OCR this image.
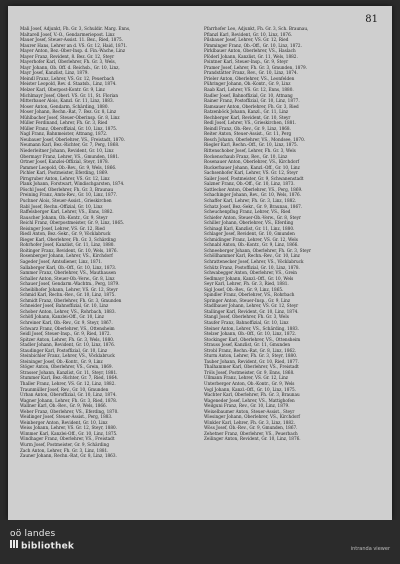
81

Mali Josef, Adjunkt, Fh. Gr. 3, Schuldir. Marg. Enns,

Maltarell Josef, V.-O., Gendarmeriepost. Linz

Mauer Josef, Steuer-Assist. 11. Bez., Ried, 1875.

Maurer Hans, Lehrer an d. VS. Gr. 12, Haid, 1871.

Mayer Anton, Bez.-Ober-Insp. d. Fin.-Wache, Linz

Mayer Franz, Revident, 8. Bez. Gr. 12, Steyr

Mayerhofer Karl, Oberlehrer, Fh. Gr. 3, Wels,

Mayr Johann, Ob. Off. d. Reichsb., Gr. 10, Linz,

Mayr Josef, Kanzlist, Linz, 1879.

Meindl Franz, Lehrer, VS. Gr. 12, Peuerbach

Meister Leopold, Rev. d. Staatsb., Linz, 1874.

Melzer Karl, Oberpost-Kontr. Gr. 9, Linz

Michlmayr Josef, Oberl. VS. Gr. 11, St. Florian

Mitterbauer Alois, Kanzl. Gr. 11, Linz, 1883.

Moser Anton, Gendarm, Schärding, 1880.

Moser Johann, Rechn.-Rat, 7. Bez. Gr. 8, Linz

Mühlbacher Josef, Steuer-Oberinsp. Gr. 8, Linz

Müller Ferdinand, Lehrer, Fh. Gr. 3, Ried

Müller Franz, Oberoffizial, Gr. 10, Linz, 1875.

Nagl Franz, Bahnmeister, Attnang, 1872.

Neubauer Josef, Oberlehrer, VS., Freistadt, 1870.

Neumann Karl, Bez.-Richter, Gr. 7, Perg, 1868.

Niederleitner Johann, Revident, Gr. 10, Linz

Obermayr Franz, Lehrer, VS., Gmunden, 1881.

Ortner Josef, Kanzlei-Offizial, Steyr, 1878.

Pammer Leopold, Ob.-Rev., Gr. 9, Wels, 1866.

Pichler Karl, Postmeister, Eferding, 1869.

Pirngruber Anton, Lehrer, VS. Gr. 12, Linz

Plank Johann, Forstwart, Windischgarsten, 1874.

Pöschl Josef, Oberlehrer, Fh. Gr. 3, Braunau

Preining Franz, Amts-Rev., Gr. 10, Linz, 1877.

Puchner Alois, Steuer-Assist., Grieskirchen

Rabl Josef, Rechn.-Offizial, Gr. 10, Linz

Raffelsberger Karl, Lehrer, VS., Enns, 1882.

Rauscher Johann, Ob.-Kontr., Gr. 9, Steyr

Reichl Franz, Oberpostmeister, Gr. 9, Linz, 1865.

Reisinger Josef, Lehrer, VS. Gr. 12, Ried

Riedl Anton, Bez.-Sekr., Gr. 9, Vöcklabruck

Rieger Karl, Oberlehrer, Fh. Gr. 3, Schärding

Rohrhofer Josef, Kanzlist, Gr. 11, Linz, 1880.

Roitinger Franz, Revident, Gr. 10, Wels, 1876.

Rosenberger Johann, Lehrer, VS., Kirchdorf

Sageder Josef, Amtsdiener, Linz, 1871.

Sallaberger Karl, Ob.-Off., Gr. 10, Linz, 1873.

Sammer Franz, Oberlehrer, VS., Mauthausen

Schaller Anton, Steuer-Ob.-Verw., Gr. 8, Linz

Schauer Josef, Gendarm.-Wachtm., Perg, 1879.

Scheiblhofer Johann, Lehrer, VS. Gr. 12, Steyr

Schmid Karl, Rechn.-Rev., Gr. 10, Linz, 1875.

Schmidt Franz, Oberlehrer, Fh. Gr. 3, Gmunden

Schneider Josef, Bahnoffizial, Gr. 10, Linz

Schober Anton, Lehrer, VS., Rohrbach, 1883.

Schöfl Johann, Kanzlei-Off., Gr. 10, Linz

Schreiner Karl, Ob.-Rev., Gr. 9, Steyr, 1867.

Schwarz Franz, Oberlehrer, VS., Ottensheim

Seidl Josef, Steuer-Insp., Gr. 9, Ried, 1872.

Spitzer Anton, Lehrer, Fh. Gr. 3, Wels, 1880.

Stadler Johann, Revident, Gr. 10, Linz, 1876.

Staudinger Karl, Postoffizial, Gr. 10, Linz

Steinbichler Franz, Lehrer, VS., Vöcklabruck

Steininger Josef, Ob.-Kontr., Gr. 9, Linz

Stöger Anton, Oberlehrer, VS., Grein, 1869.

Strasser Johann, Kanzlist, Gr. 11, Steyr, 1881.

Stummer Karl, Bez.-Richter, Gr. 7, Ried, 1864.

Thaller Franz, Lehrer, VS. Gr. 12, Linz, 1882.

Traunmüller Josef, Rev., Gr. 10, Gmunden

Urban Anton, Oberoffizial, Gr. 10, Linz, 1874.

Wagner Johann, Lehrer, Fh. Gr. 3, Ried, 1878.

Wallner Karl, Ob.-Rev., Gr. 9, Wels, 1866.

Weber Franz, Oberlehrer, VS., Eferding, 1870.

Weidinger Josef, Steuer-Assist., Perg, 1883.

Weinberger Anton, Revident, Gr. 10, Linz

Weiss Johann, Lehrer, VS. Gr. 12, Steyr, 1880.

Wimmer Karl, Kanzlei-Off., Gr. 10, Linz, 1875.

Windhager Franz, Oberlehrer, VS., Freistadt

Wurm Josef, Postmeister, Gr. 9, Schärding

Zach Anton, Lehrer, Fh. Gr. 3, Linz, 1881.

Zauner Johann, Rechn.-Rat, Gr. 8, Linz, 1863.

Pfarrhofer Leo, Adjunkt, Fh. Gr. 3, Sch. Braunau,

Pflanzl Karl, Revident, Gr. 10, Linz, 1876.

Pilsbauer Josef, Lehrer, VS. Gr. 12, Ried

Pimminger Franz, Ob.-Off., Gr. 10, Linz, 1872.

Pirklbauer Anton, Oberlehrer, VS., Haslach

Plöderl Johann, Kanzlist, Gr. 11, Wels, 1882.

Pointner Karl, Steuer-Insp., Gr. 9, Steyr

Pramer Josef, Lehrer, Fh. Gr. 3, Gmunden, 1879.

Prandstätter Franz, Rev., Gr. 10, Linz, 1874.

Prieler Anton, Oberlehrer, VS., Leonfelden

Pühringer Johann, Ob.-Kontr., Gr. 9, Linz

Raab Karl, Lehrer, VS. Gr. 12, Enns, 1880.

Radler Josef, Bahnoffizial, Gr. 10, Attnang

Rainer Franz, Postoffizial, Gr. 10, Linz, 1877.

Ramsauer Anton, Oberlehrer, Fh. Gr. 3, Ried

Ratzenböck Johann, Kanzl., Gr. 11, Linz

Rechberger Karl, Revident, Gr. 10, Steyr

Redl Josef, Lehrer, VS., Grieskirchen, 1881.

Reindl Franz, Ob.-Rev., Gr. 9, Linz, 1868.

Reiter Anton, Steuer-Assist., Gr. 11, Perg

Resch Johann, Oberlehrer, VS., Mondsee, 1870.

Riegler Karl, Rechn.-Off., Gr. 10, Linz, 1875.

Rittenschober Josef, Lehrer, Fh. Gr. 3, Wels

Rockenschaub Franz, Rev., Gr. 10, Linz

Rosenauer Anton, Oberlehrer, VS., Kirchdorf

Ruckerbauer Johann, Kanzl.-Off., Gr. 10, Linz

Sachsenhofer Karl, Lehrer, VS. Gr. 12, Steyr

Sailer Josef, Postmeister, Gr. 9, Schwanenstadt

Salzner Franz, Ob.-Off., Gr. 10, Linz, 1873.

Sattlecker Anton, Oberlehrer, VS., Perg, 1869.

Schachinger Johann, Rev., Gr. 10, Wels, 1876.

Schaffer Karl, Lehrer, Fh. Gr. 3, Linz, 1882.

Schatz Josef, Bez.-Sekr., Gr. 9, Braunau, 1867.

Scheuchenpflug Franz, Lehrer, VS., Ried

Schiefer Anton, Steuer-Ob.-Verw., Gr. 8, Steyr

Schiller Johann, Oberlehrer, VS., Eferding

Schinagl Karl, Kanzlist, Gr. 11, Linz, 1880.

Schlager Josef, Revident, Gr. 10, Gmunden

Schmidinger Franz, Lehrer, VS. Gr. 12, Wels

Schnabl Anton, Ob.-Kontr., Gr. 9, Linz, 1866.

Schneeberger Johann, Oberlehrer, Fh. Gr. 3, Steyr

Schöllhammer Karl, Rechn.-Rev., Gr. 10, Linz

Schrattenecker Josef, Lehrer, VS., Vöcklabruck

Schütz Franz, Postoffizial, Gr. 10, Linz, 1878.

Schwabegger Anton, Oberlehrer, VS., Grein

Sedlmayr Johann, Kanzl.-Off., Gr. 10, Wels

Seyr Karl, Lehrer, Fh. Gr. 3, Ried, 1881.

Sigl Josef, Ob.-Rev., Gr. 9, Linz, 1865.

Spindler Franz, Oberlehrer, VS., Rohrbach

Springer Anton, Steuer-Insp., Gr. 9, Linz

Stadlbauer Johann, Lehrer, VS. Gr. 12, Steyr

Stallinger Karl, Revident, Gr. 10, Linz, 1874.

Stangl Josef, Oberlehrer, Fh. Gr. 3, Wels

Staufer Franz, Bahnoffizial, Gr. 10, Linz

Steiner Anton, Lehrer, VS., Schärding, 1883.

Stelzer Johann, Ob.-Off., Gr. 10, Linz, 1872.

Stockinger Karl, Oberlehrer, VS., Ottensheim

Strauss Josef, Kanzlist, Gr. 11, Gmunden

Strobl Franz, Rechn.-Rat, Gr. 8, Linz, 1862.

Sturm Anton, Lehrer, Fh. Gr. 3, Steyr, 1880.

Tauber Johann, Revident, Gr. 10, Ried, 1877.

Thalhammer Karl, Oberlehrer, VS., Freistadt

Tröls Josef, Postmeister, Gr. 9, Enns, 1868.

Ullmann Franz, Lehrer, VS. Gr. 12, Linz

Unterberger Anton, Ob.-Kontr., Gr. 9, Wels

Vogl Johann, Kanzl.-Off., Gr. 10, Linz, 1875.

Wachter Karl, Oberlehrer, Fh. Gr. 3, Braunau

Wageneder Josef, Lehrer, VS., Mattighofen

Weilguni Franz, Rev., Gr. 10, Linz, 1879.

Weixelbaumer Anton, Steuer-Assist., Steyr

Wiesinger Johann, Oberlehrer, VS., Kirchdorf

Winkler Karl, Lehrer, Fh. Gr. 3, Linz, 1882.

Wöss Josef, Ob.-Rev., Gr. 9, Gmunden, 1867.

Zehetner Franz, Oberlehrer, VS., Peuerbach

Zeilinger Anton, Revident, Gr. 10, Linz, 1876.

oö landes
bibliothek	intranda viewer
